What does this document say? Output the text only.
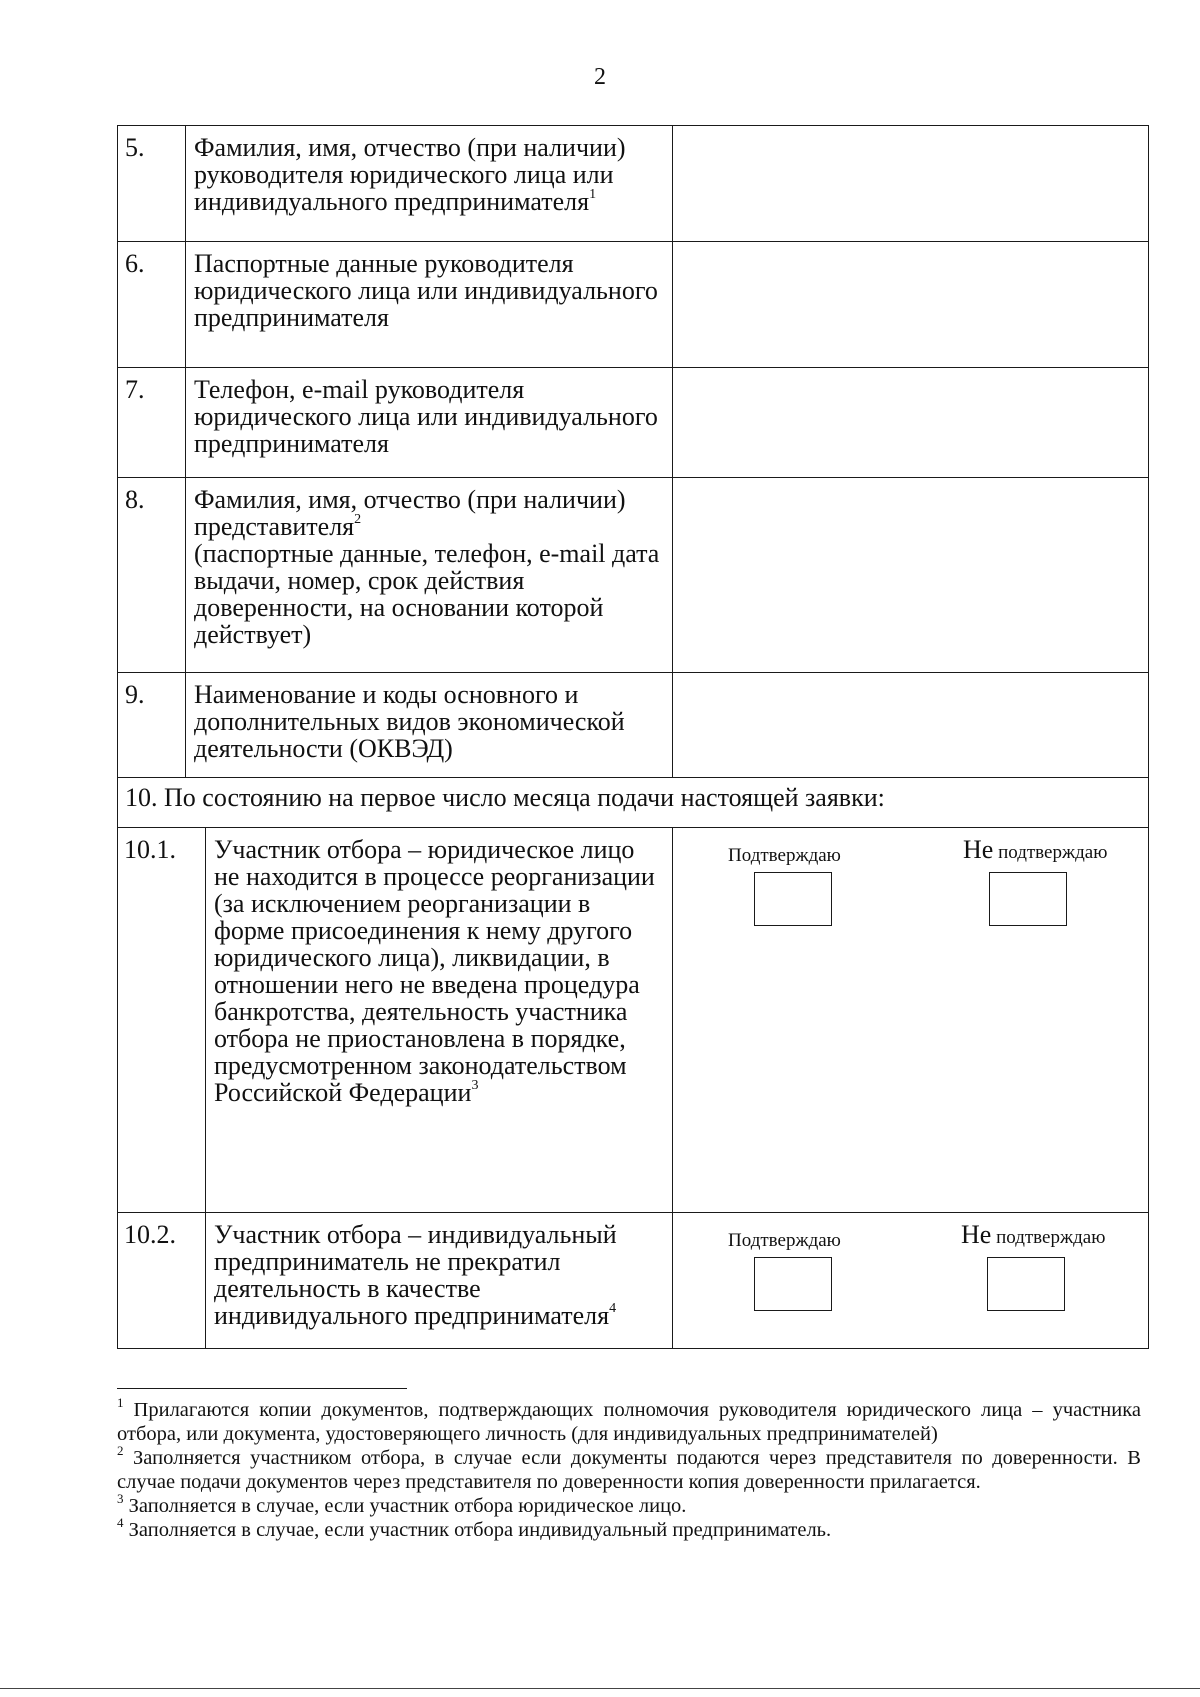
2
5.	Фамилия, имя, отчество (при наличии) руководителя юридического лица или индивидуального предпринимателя$^1$	
6.	Паспортные данные руководителя юридического лица или индивидуального предпринимателя		
7.	Телефон, e-mail руководителя юридического лица или индивидуального предпринимателя		
8.	Фамилия, имя, отчество (при наличии) представителя$^2$
(паспортные данные, телефон, e-mail дата выдачи, номер, срок действия доверенности, на основании которой действует)		
9.	Наименование и коды основного и дополнительных видов экономической деятельности (ОКВЭД)		
10. По состоянию на первое число месяца подачи настоящей заявки:			
10.1.		Участник отбора – юридическое лицо не находится в процессе реорганизации
(за исключением реорганизации в форме присоединения к нему другого юридического лица), ликвидации, в отношении него не введена процедура банкротства, деятельность участника отбора не приостановлена в порядке, предусмотренном законодательством Российской Федерации$^3$	Подтверждаю Не подтверждаю

10.2.		Участник отбора – индивидуальный предприниматель не прекратил деятельность в качестве индивидуального предпринимателя$^4$	Подтверждаю Не подтверждаю

$^1$ Прилагаются копии документов, подтверждающих полномочия руководителя юридического лица – участника отбора, или документа, удостоверяющего личность (для индивидуальных предпринимателей)

$^2$ Заполняется участником отбора, в случае если документы подаются через представителя по доверенности. В случае подачи документов через представителя по доверенности копия доверенности прилагается.

$^3$ Заполняется в случае, если участник отбора юридическое лицо.

$^4$ Заполняется в случае, если участник отбора индивидуальный предприниматель.
